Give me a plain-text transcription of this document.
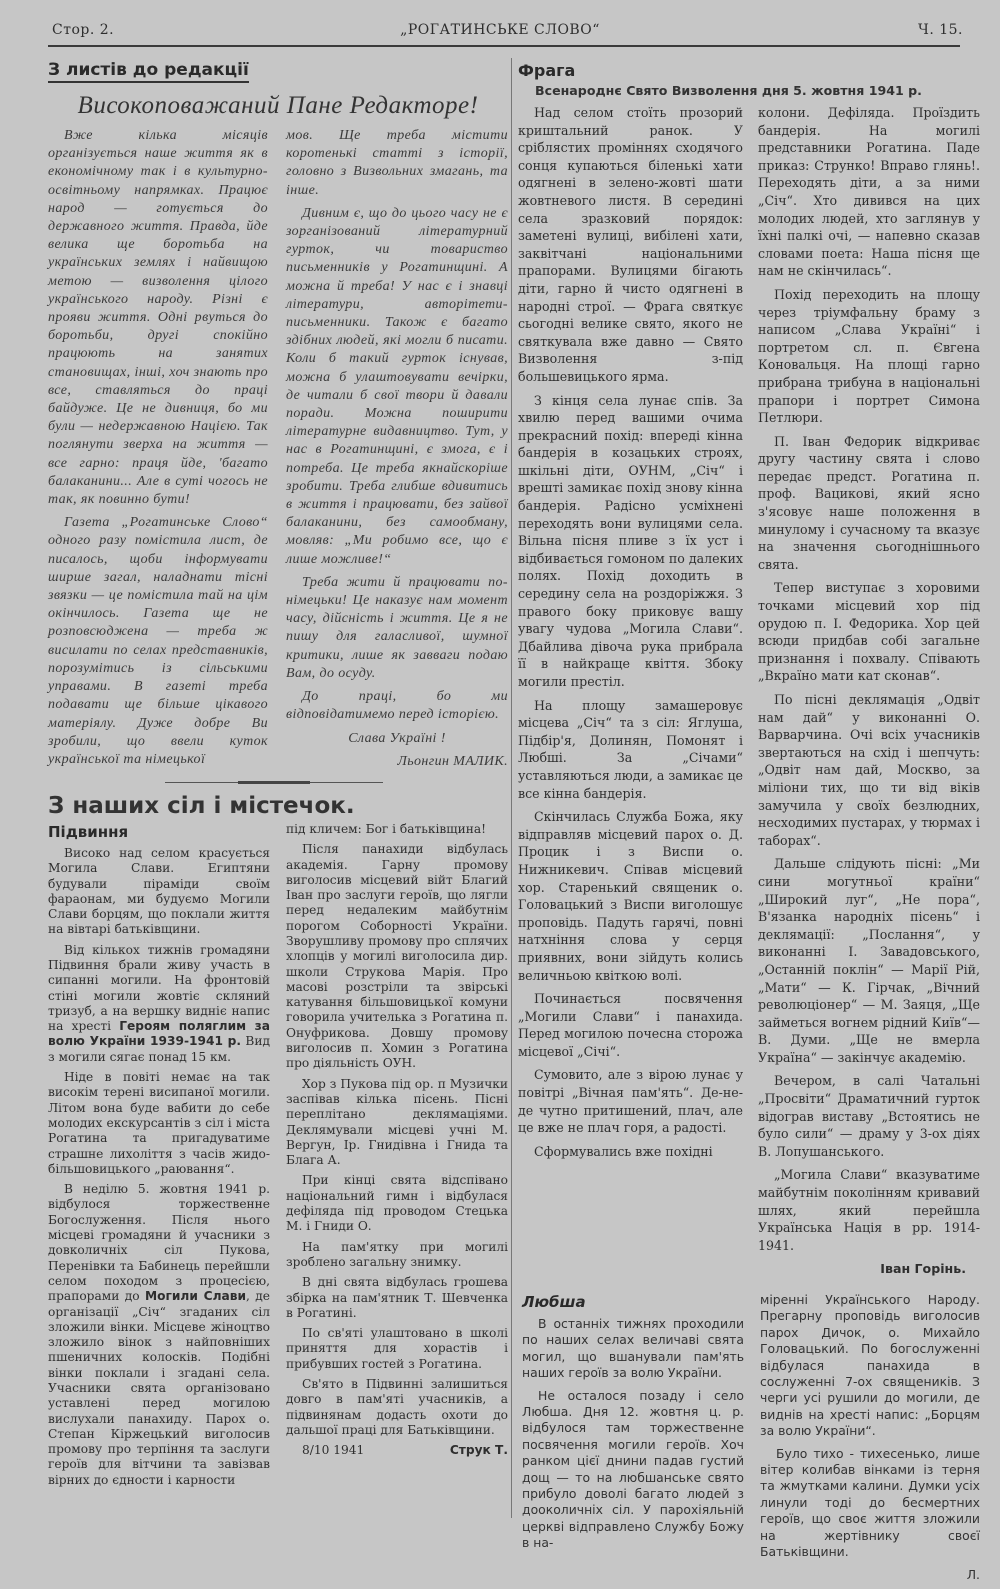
Стор. 2.	„РОГАТИНСЬКЕ СЛОВО“	Ч. 15.
З листів до редакції
Високоповажаний Пане Редакторе!

Вже кілька місяців організується наше життя як в економічному так і в культурно-освітньому напрямках. Працює народ — готується до державного життя. Правда, йде велика ще боротьба на українських землях і найвищою метою — визволення цілого українського народу. Різні є прояви життя. Одні рвуться до боротьби, другі спокійно працюють на занятих становищах, інші, хоч знають про все, ставляться до праці байдуже. Це не дивниця, бо ми були — недержавною Нацією. Так поглянути зверха на життя — все гарно: праця йде, 'багато балаканини... Але в суті чогось не так, як повинно бути!

Газета „Рогатинське Слово“ одного разу помістила лист, де писалось, щоби інформувати ширше загал, наладнати тісні звязки — це помістила тай на цім окінчилось. Газета ще не розповсюджена — треба ж висилати по селах представників, порозумітись із сільськими управами. В газеті треба подавати ще більше цікавого матеріялу. Дуже добре Ви зробили, що ввели куток української та німецької

мов. Ще треба містити коротенькі статті з історії, головно з Визвольних змагань, та інше.

Дивним є, що до цього часу не є зорганізований літературний гурток, чи товариство письменників у Рогатинщині. А можна й треба! У нас є і знавці літератури, авторітети-письменники. Також є багато здібних людей, які могли б писати. Коли б такий гурток існував, можна б улаштовувати вечірки, де читали б свої твори й давали поради. Можна поширити літературне видавництво. Тут, у нас в Рогатинщині, є змога, є і потреба. Це треба якнайскоріше зробити. Треба глибше вдивитись в життя і працювати, без зайвої балаканини, без самообману, мовляв: „Ми робимо все, що є лише можливе!“

Треба жити й працювати по-німецьки! Це наказує нам момент часу, дійсність і життя. Це я не пишу для галасливої, шумної критики, лише як завваги подаю Вам, до осуду.

До праці, бо ми відповідатимемо перед історією.

Слава Україні !

Льонгин МАЛИК.

З наших сіл і містечок.
Підвиння

Високо над селом красується Могила Слави. Египтяни будували піраміди своїм фараонам, ми будуємо Могили Слави борцям, що поклали життя на вівтарі батьківщини.

Від кількох тижнів громадяни Підвиння брали живу участь в сипанні могили. На фронтовій стіні могили жовтіє скляний тризуб, а на вершку видніє напис на хресті Героям поляглим за волю України 1939-1941 р. Вид з могили сягає понад 15 км.

Ніде в повіті немає на так високім терені висипаної могили. Літом вона буде вабити до себе молодих екскурсантів з сіл і міста Рогатина та пригадуватиме страшне лихоліття з часів жидо-більшовицького „раювання“.

В неділю 5. жовтня 1941 р. відбулося торжественне Богослуження. Після нього місцеві громадяни й учасники з довколичніх сіл Пукова, Перенівки та Бабинець перейшли селом походом з процесією, прапорами до Могили Слави, де організації „Січ“ згаданих сіл зложили вінки. Місцеве жіноцтво зложило вінок з найповніших пшеничних колосків. Подібні вінки поклали і згадані села. Учасники свята організовано уставлені перед могилою вислухали панахиду. Парох о. Степан Кіржецький виголосив промову про терпіння та заслуги героїв для вітчини та завізвав вірних до єдности і карности

під кличем: Бог і батьківщина!

Після панахиди відбулась академія. Гарну промову виголосив місцевий війт Благий Іван про заслуги героїв, що лягли перед недалеким майбутнім порогом Соборності України. Зворушливу промову про сплячих хлопців у могилі виголосила дир. школи Струкова Марія. Про масові розстріли та звірські катування більшовицької комуни говорила учителька з Рогатина п. Онуфрикова. Довшу промову виголосив п. Хомин з Рогатина про діяльність ОУН.

Хор з Пукова під ор. п Музички заспівав кілька пісень. Пісні переплітано деклямаціями. Деклямували місцеві учні М. Вергун, Ір. Гнидівна і Гнида та Блага А.

При кінці свята відспівано національний гимн і відбулася дефіляда під проводом Стецька М. і Гниди О.

На пам'ятку при могилі зроблено загальну знимку.

В дні свята відбулась грошева збірка на пам'ятник Т. Шевченка в Рогатині.

По св'яті улаштовано в школі приняття для хорастів і прибувших гостей з Рогатина.

Св'ято в Підвинні залишиться довго в пам'яті учасників, а підвинянам додасть охоти до дальшої праці для Батьківщини.

8/10 1941	Струк Т.
Фрага
Всенароднє Свято Визволення дня 5. жовтня 1941 р.

Над селом стоїть прозорий криштальний ранок. У сріблястих проміннях сходячого сонця купаються біленькі хати одягнені в зелено-жовті шати жовтневого листя. В середині села зразковий порядок: заметені вулиці, вибілені хати, заквітчані національними прапорами. Вулицями бігають діти, гарно й чисто одягнені в народні строї. — Фрага святкує сьогодні велике свято, якого не святкувала вже давно — Свято Визволення з-під большевицького ярма.

З кінця села лунає спів. За хвилю перед вашими очима прекрасний похід: впереді кінна бандерія в козацьких строях, шкільні діти, ОУНМ, „Січ“ і врешті замикає похід знову кінна бандерія. Радісно усміхнені переходять вони вулицями села. Вільна пісня пливе з їх уст і відбивається гомоном по далеких полях. Похід доходить в середину села на роздоріжжя. З правого боку приковує вашу увагу чудова „Могила Слави“. Дбайлива дівоча рука прибрала її в найкраще квіття. Збоку могили престіл.

На площу замашеровує місцева „Січ“ та з сіл: Яглуша, Підбір'я, Долинян, Помонят і Любші. За „Січами“ уставляються люди, а замикає це все кінна бандерія.

Скінчилась Служба Божа, яку відправляв місцевий парох о. Д. Процик і з Виспи о. Нижникевич. Співав місцевий хор. Старенький священик о. Головацький з Виспи виголошує проповідь. Падуть гарячі, повні натхніння слова у серця приявних, вони зійдуть колись величньою квіткою волі.

Починається посвячення „Могили Слави“ і панахида. Перед могилою почесна сторожа місцевої „Січі“.

Сумовито, але з вірою лунає у повітрі „Вічная пам'ять“. Де-не-де чутно притишений, плач, але це вже не плач горя, а радості.

Сформувались вже похідні

колони. Дефіляда. Проїздить бандерія. На могилі представники Рогатина. Паде приказ: Струнко! Вправо глянь!. Переходять діти, а за ними „Січ“. Хто дивився на цих молодих людей, хто заглянув у їхні палкі очі, — напевно сказав словами поета: Наша пісня ще нам не скінчилась“.

Похід переходить на площу через тріумфальну браму з написом „Слава Україні“ і портретом сл. п. Євгена Коновальця. На площі гарно прибрана трибуна в національні прапори і портрет Симона Петлюри.

П. Іван Федорик відкриває другу частину свята і слово передає предст. Рогатина п. проф. Вацикові, який ясно з'ясовує наше положення в минулому і сучасному та вказує на значення сьогоднішнього свята.

Тепер виступає з хоровими точками місцевий хор під орудою п. І. Федорика. Хор цей всюди придбав собі загальне признання і похвалу. Співають „Вкраїно мати кат сконав“.

По пісні деклямація „Одвіт нам дай“ у виконанні О. Варварчина. Очі всіх учасників звертаються на схід і шепчуть: „Одвіт нам дай, Москво, за міліони тих, що ти від віків замучила у своїх безлюдних, несходимих пустарах, у тюрмах і таборах“.

Дальше слідують пісні: „Ми сини могутньої країни“ „Широкий луг“, „Не пора“, В'язанка народніх пісень“ і деклямації: „Послання“, у виконанні І. Завадовського, „Останній поклін“ — Марії Рій, „Мати“ — К. Гірчак, „Вічний революціонер“ — М. Заяця, „Ще займеться вогнем рідний Київ“— В. Думи. „Ще не вмерла Україна“ — закінчує академію.

Вечером, в салі Чатальні „Просвіти“ Драматичний гурток відограв виставу „Встоятись не було сили“ — драму у 3-ох діях В. Лопушанського.

„Могила Слави“ вказуватиме майбутнім поколінням кривавий шлях, який перейшла Українська Нація в рр. 1914-1941.

Іван Горінь.

Любша

В останніх тижнях проходили по наших селах величаві свята могил, що вшанували пам'ять наших героїв за волю України.

Не осталося позаду і село Любша. Дня 12. жовтня ц. р. відбулося там торжественне посвячення могили героїв. Хоч ранком цієї днини падав густий дощ — то на любшанське свято прибуло доволі багато людей з дооколичніх сіл. У парохіяльній церкві відправлено Службу Божу в на-

міренні Українського Народу. Прегарну проповідь виголосив парох Дичок, о. Михайло Головацький. По богослуженні відбулася панахида в сослуженні 7-ох священиків. З черги усі рушили до могили, де виднів на хресті напис: „Борцям за волю України“.

Було тихо - тихесенько, лише вітер колибав вінками із терня та жмутками калини. Думки усіх линули тоді до бесмертних героїв, що своє життя зложили на жертівнику своєї Батьківщини.

Л.
